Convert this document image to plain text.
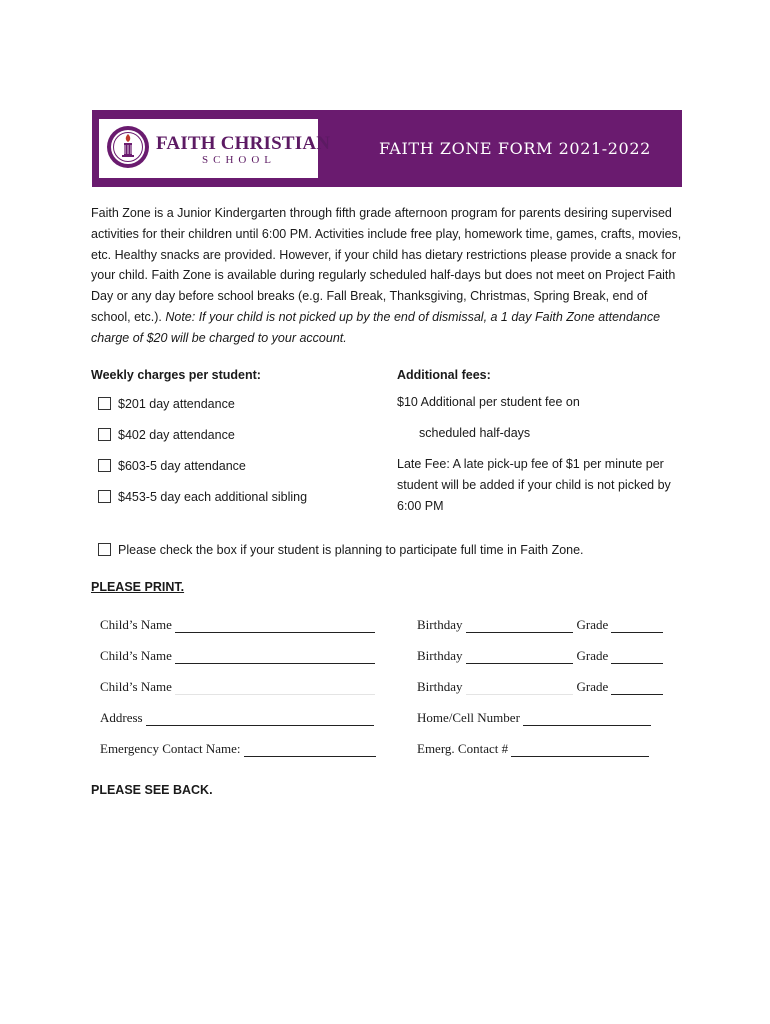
FAITH CHRISTIAN
SCHOOL
FAITH ZONE FORM 2021-2022

Faith Zone is a Junior Kindergarten through fifth grade afternoon program for parents desiring supervised activities for their children until 6:00 PM. Activities include free play, homework time, games, crafts, movies, etc. Healthy snacks are provided. However, if your child has dietary restrictions please provide a snack for your child. Faith Zone is available during regularly scheduled half-days but does not meet on Project Faith Day or any day before school breaks (e.g. Fall Break, Thanksgiving, Christmas, Spring Break, end of school, etc.). Note: If your child is not picked up by the end of dismissal, a 1 day Faith Zone attendance charge of $20 will be charged to your account.

Weekly charges per student:
$201 day attendance
$402 day attendance
$603-5 day attendance
$453-5 day each additional sibling
Additional fees:

$10 Additional per student fee on

scheduled half-days

Late Fee: A late pick-up fee of $1 per minute per student will be added if your child is not picked by 6:00 PM

Please check the box if your student is planning to participate full time in Faith Zone.
PLEASE PRINT.
Child’s Name	Birthday	Grade
Child’s Name	Birthday	Grade
Child’s Name	Birthday	Grade
Address	Home/Cell Number
Emergency Contact Name:	Emerg. Contact #
PLEASE SEE BACK.
